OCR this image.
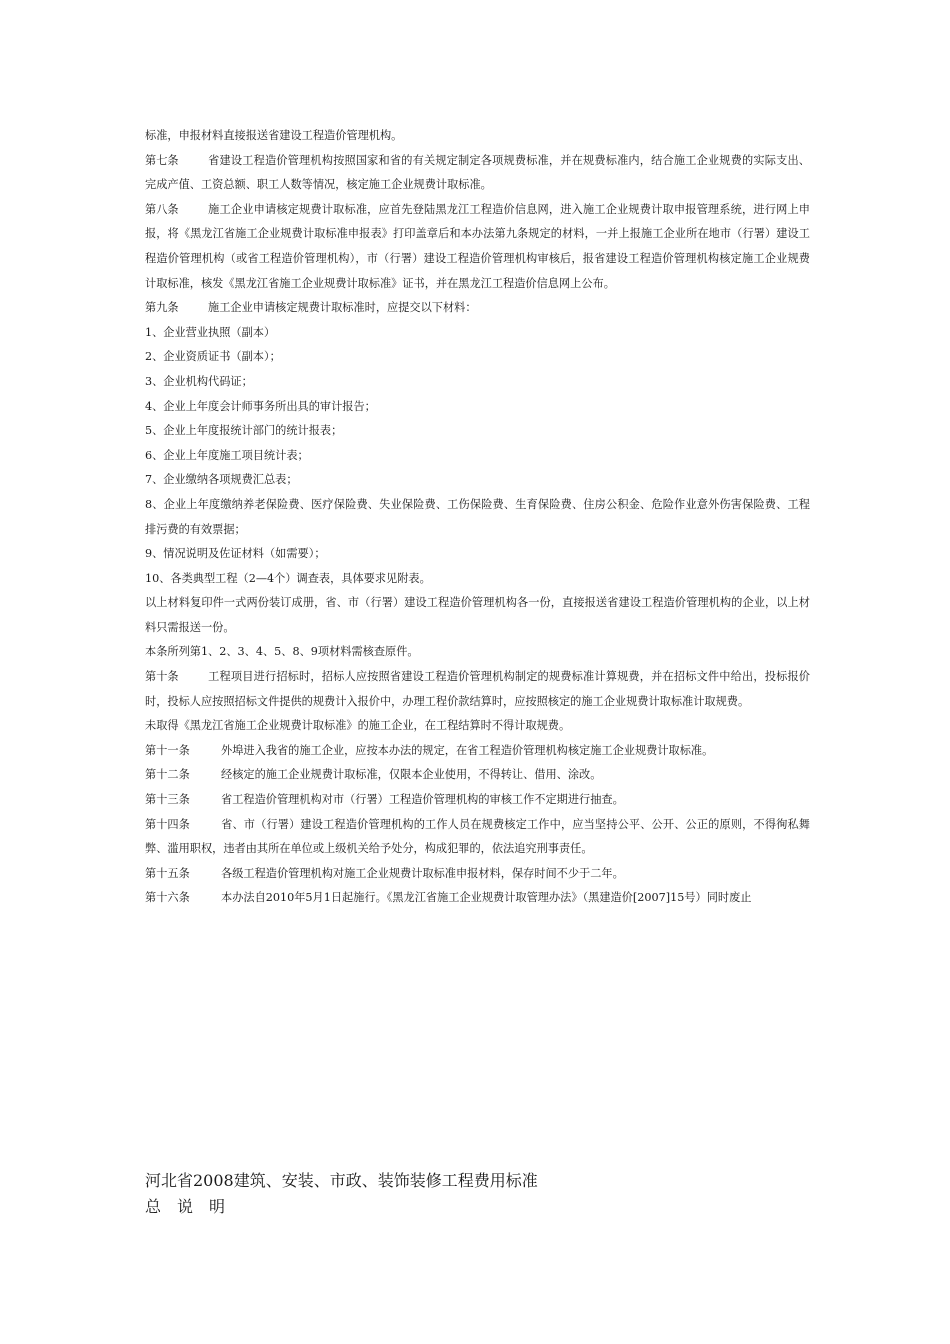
标准，申报材料直接报送省建设工程造价管理机构。

第七条	省建设工程造价管理机构按照国家和省的有关规定制定各项规费标准，并在规费标准内，结合施工企业规费的实际支出、完成产值、工资总额、职工人数等情况，核定施工企业规费计取标准。

第八条	施工企业申请核定规费计取标准，应首先登陆黑龙江工程造价信息网，进入施工企业规费计取申报管理系统，进行网上申报，将《黑龙江省施工企业规费计取标准申报表》打印盖章后和本办法第九条规定的材料，一并上报施工企业所在地市（行署）建设工程造价管理机构（或省工程造价管理机构），市（行署）建设工程造价管理机构审核后，报省建设工程造价管理机构核定施工企业规费计取标准，核发《黑龙江省施工企业规费计取标准》证书，并在黑龙江工程造价信息网上公布。

第九条	施工企业申请核定规费计取标准时，应提交以下材料：

1、企业营业执照（副本）

2、企业资质证书（副本）；

3、企业机构代码证；

4、企业上年度会计师事务所出具的审计报告；

5、企业上年度报统计部门的统计报表；

6、企业上年度施工项目统计表；

7、企业缴纳各项规费汇总表；

8、企业上年度缴纳养老保险费、医疗保险费、失业保险费、工伤保险费、生育保险费、住房公积金、危险作业意外伤害保险费、工程排污费的有效票据；

9、情况说明及佐证材料（如需要）；

10、各类典型工程（2—4个）调查表，具体要求见附表。

以上材料复印件一式两份装订成册，省、市（行署）建设工程造价管理机构各一份，直接报送省建设工程造价管理机构的企业，以上材料只需报送一份。

本条所列第1、2、3、4、5、8、9项材料需核查原件。

第十条	工程项目进行招标时，招标人应按照省建设工程造价管理机构制定的规费标准计算规费，并在招标文件中给出，投标报价时，投标人应按照招标文件提供的规费计入报价中，办理工程价款结算时，应按照核定的施工企业规费计取标准计取规费。

未取得《黑龙江省施工企业规费计取标准》的施工企业，在工程结算时不得计取规费。

第十一条	外埠进入我省的施工企业，应按本办法的规定，在省工程造价管理机构核定施工企业规费计取标准。

第十二条	经核定的施工企业规费计取标准，仅限本企业使用，不得转让、借用、涂改。

第十三条	省工程造价管理机构对市（行署）工程造价管理机构的审核工作不定期进行抽查。

第十四条	省、市（行署）建设工程造价管理机构的工作人员在规费核定工作中，应当坚持公平、公开、公正的原则，不得徇私舞弊、滥用职权，违者由其所在单位或上级机关给予处分，构成犯罪的，依法追究刑事责任。

第十五条	各级工程造价管理机构对施工企业规费计取标准申报材料，保存时间不少于二年。

第十六条	本办法自2010年5月1日起施行。《黑龙江省施工企业规费计取管理办法》（黑建造价[2007]15号）同时废止

河北省2008建筑、安装、市政、装饰装修工程费用标准

总　说　明
